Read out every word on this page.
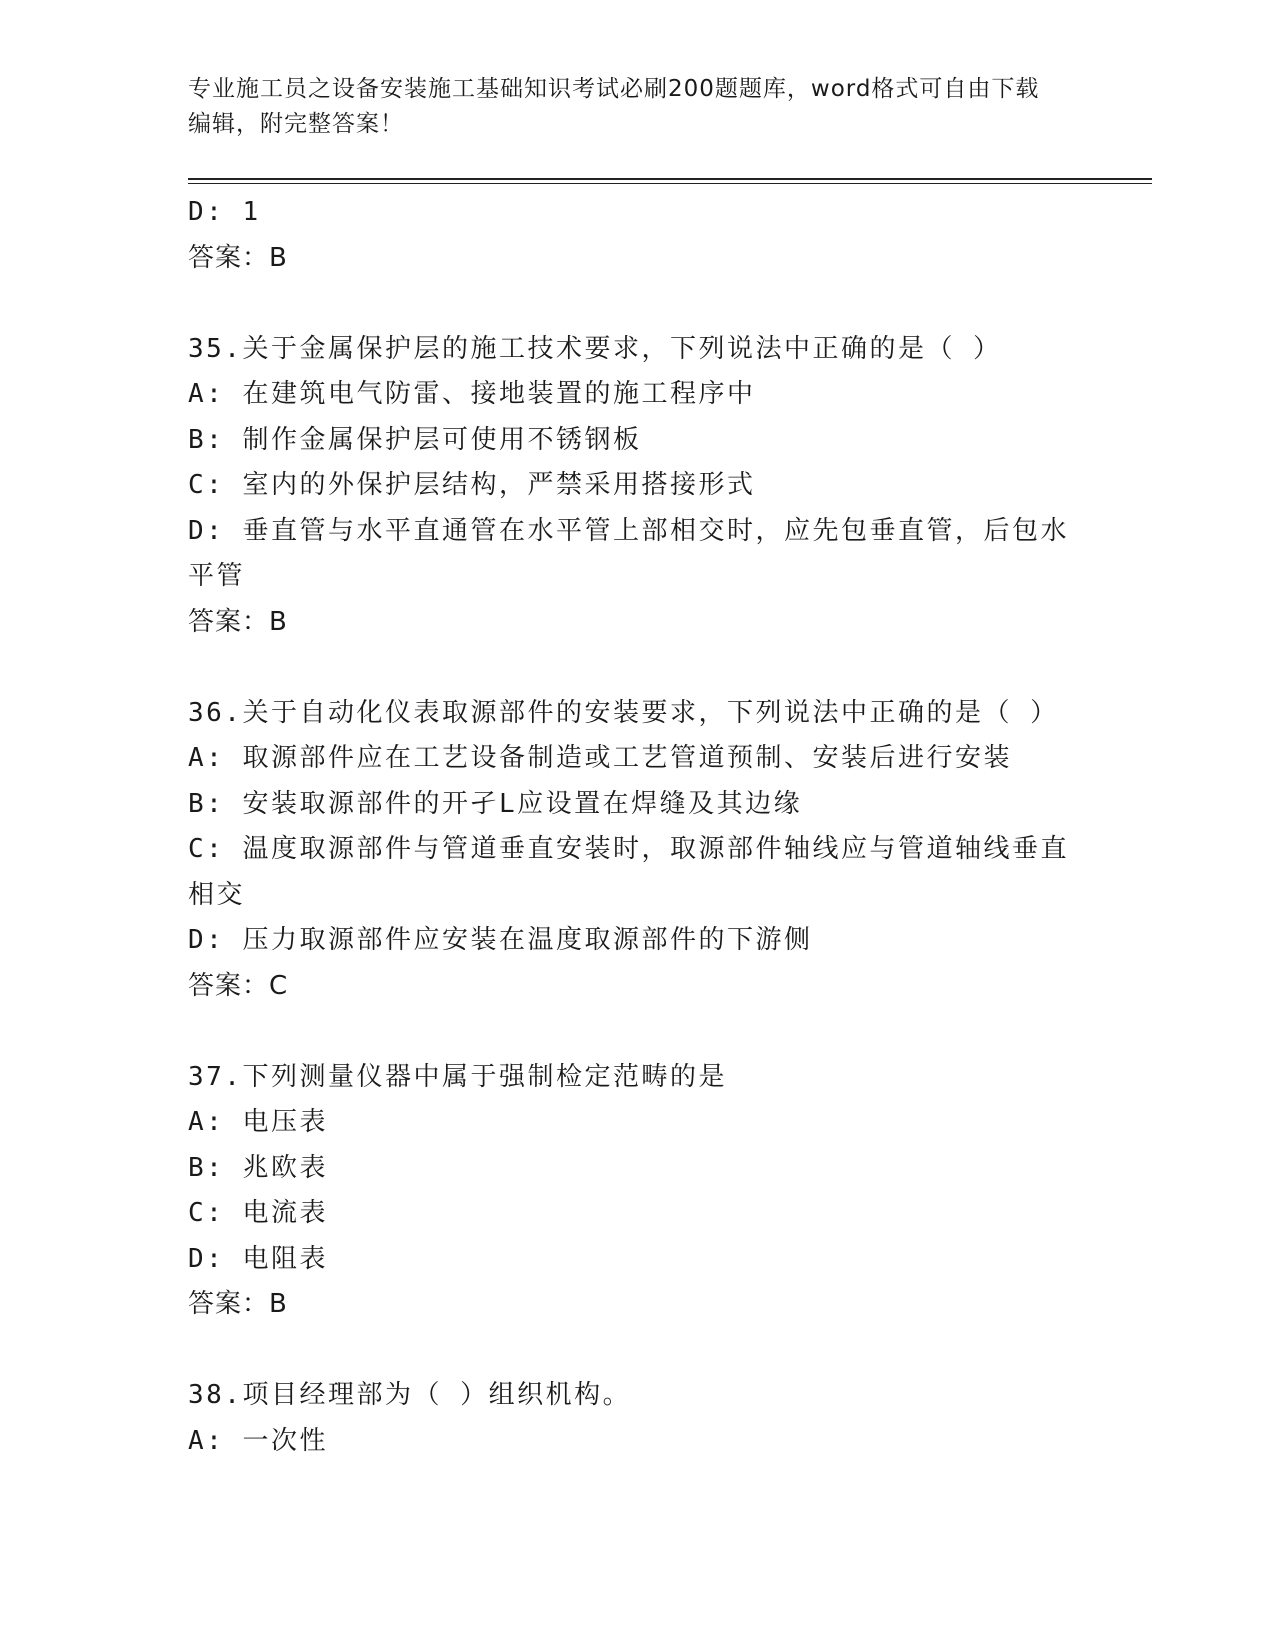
专业施工员之设备安装施工基础知识考试必刷200题题库，word格式可自由下载
编辑，附完整答案！
D: 1
答案：B
35.关于金属保护层的施工技术要求，下列说法中正确的是（ ）
A: 在建筑电气防雷、接地装置的施工程序中
B: 制作金属保护层可使用不锈钢板
C: 室内的外保护层结构，严禁采用搭接形式
D: 垂直管与水平直通管在水平管上部相交时，应先包垂直管，后包水
平管
答案：B
36.关于自动化仪表取源部件的安装要求，下列说法中正确的是（ ）
A: 取源部件应在工艺设备制造或工艺管道预制、安装后进行安装
B: 安装取源部件的开孑L应设置在焊缝及其边缘
C: 温度取源部件与管道垂直安装时，取源部件轴线应与管道轴线垂直
相交
D: 压力取源部件应安装在温度取源部件的下游侧
答案：C
37.下列测量仪器中属于强制检定范畴的是
A: 电压表
B: 兆欧表
C: 电流表
D: 电阻表
答案：B
38.项目经理部为（ ）组织机构。
A: 一次性
